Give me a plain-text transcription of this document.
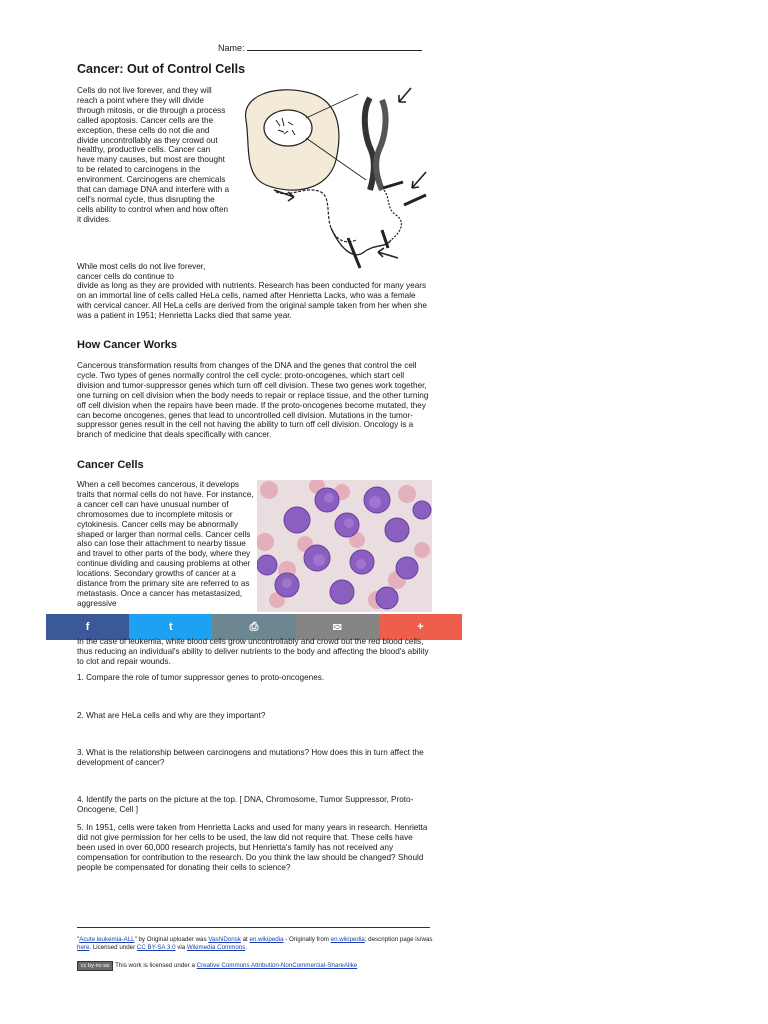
Name:
Cancer: Out of Control Cells

Cells do not live forever, and they will reach a point where they will divide through mitosis, or die through a process called apoptosis. Cancer cells are the exception, these cells do not die and divide uncontrollably as they crowd out healthy, productive cells. Cancer can have many causes, but most are thought to be related to carcinogens in the environment. Carcinogens are chemicals that can damage DNA and interfere with a cell's normal cycle, thus disrupting the cells ability to control when and how often it divides.

While most cells do not live forever, cancer cells do continue to

divide as long as they are provided with nutrients. Research has been conducted for many years on an immortal line of cells called HeLa cells, named after Henrietta Lacks, who was a female with cervical cancer. All HeLa cells are derived from the original sample taken from her when she was a patient in 1951; Henrietta Lacks died that same year.

How Cancer Works

Cancerous transformation results from changes of the DNA and the genes that control the cell cycle. Two types of genes normally control the cell cycle: proto-oncogenes, which start cell division and tumor-suppressor genes which turn off cell division. These two genes work together, one turning on cell division when the body needs to repair or replace tissue, and the other turning off cell division when the repairs have been made. If the proto-oncogenes become mutated, they can become oncogenes, genes that lead to uncontrolled cell division. Mutations in the tumor-suppressor genes result in the cell not having the ability to turn off cell division. Oncology is a branch of medicine that deals specifically with cancer.

Cancer Cells

When a cell becomes cancerous, it develops traits that normal cells do not have. For instance, a cancer cell can have unusual number of chromosomes due to incomplete mitosis or cytokinesis. Cancer cells may be abnormally shaped or larger than normal cells. Cancer cells also can lose their attachment to nearby tissue and travel to other parts of the body, where they continue dividing and causing problems at other locations. Secondary growths of cancer at a distance from the primary site are referred to as metastasis. Once a cancer has metastasized, aggressive

f	t	⎙	✉	+

In the case of leukemia, white blood cells grow uncontrollably and crowd out the red blood cells, thus reducing an individual's ability to deliver nutrients to the body and affecting the blood's ability to clot and repair wounds.

1. Compare the role of tumor suppressor genes to proto-oncogenes.

2. What are HeLa cells and why are they important?

3. What is the relationship between carcinogens and mutations? How does this in turn affect the development of cancer?

4. Identify the parts on the picture at the top. [ DNA, Chromosome, Tumor Suppressor, Proto-Oncogene, Cell ]

5. In 1951, cells were taken from Henrietta Lacks and used for many years in research. Henrietta did not give permission for her cells to be used, the law did not require that. These cells have been used in over 60,000 research projects, but Henrietta's family has not received any compensation for contribution to the research. Do you think the law should be changed? Should people be compensated for donating their cells to science?

"Acute leukemia-ALL" by Original uploader was VashiDonsk at en.wikipedia - Originally from en.wikipedia; description page is/was here. Licensed under CC BY-SA 3.0 via Wikimedia Commons.
cc by-nc-sa This work is licensed under a Creative Commons Attribution-NonCommercial-ShareAlike
